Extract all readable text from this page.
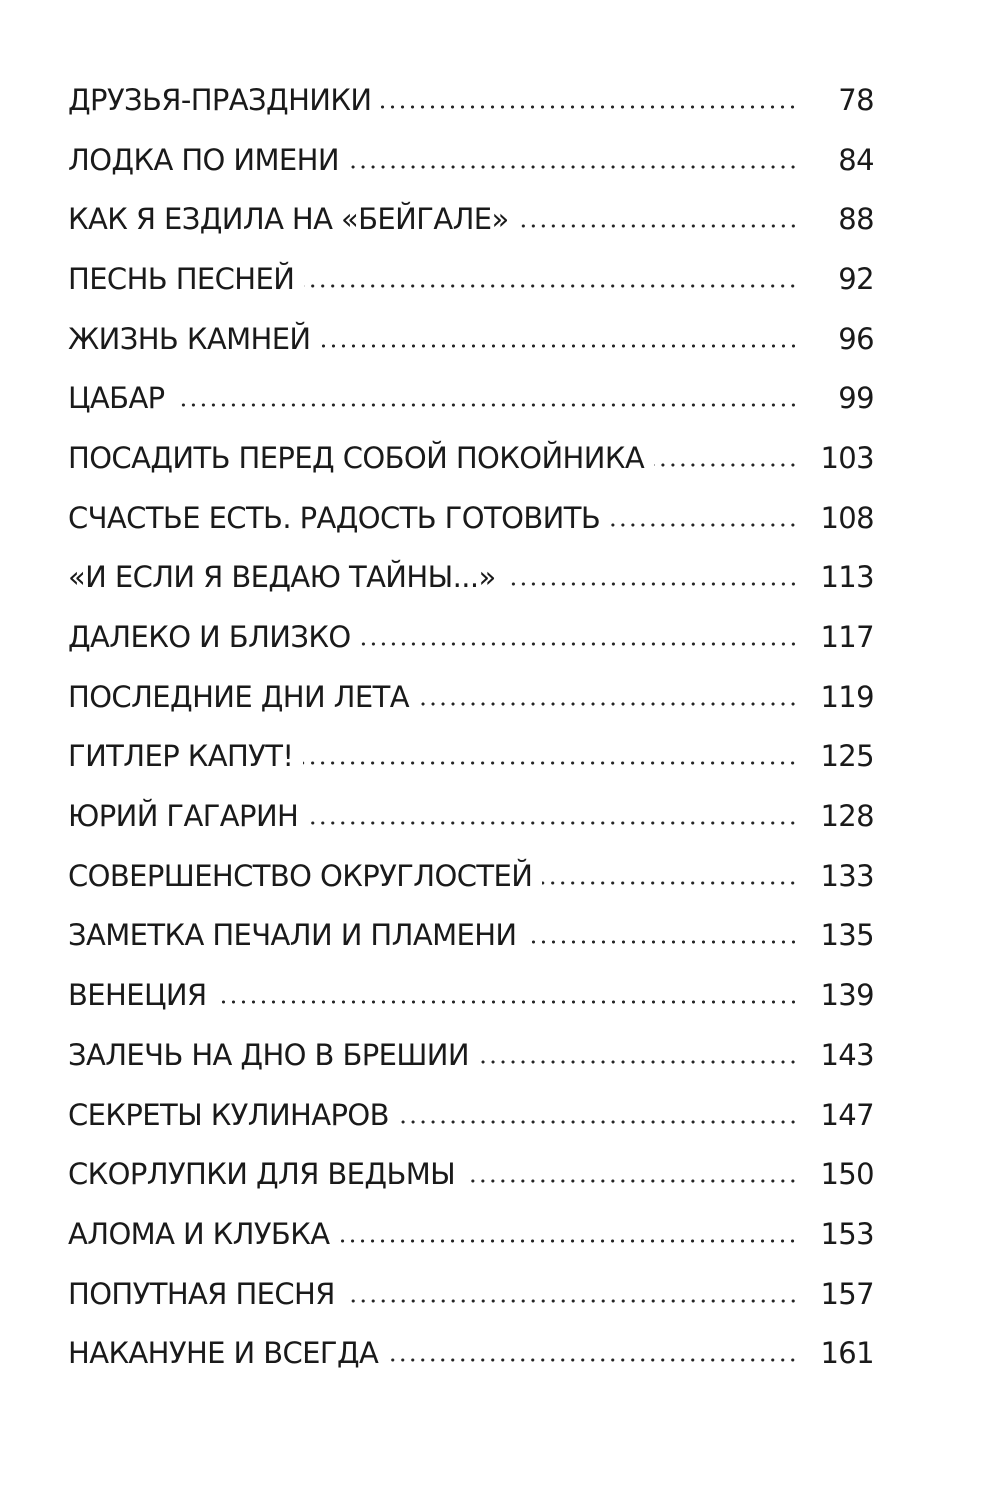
ДРУЗЬЯ-ПРАЗДНИКИ	78
ЛОДКА ПО ИМЕНИ	84
КАК Я ЕЗДИЛА НА «БЕЙГАЛЕ»	88
ПЕСНЬ ПЕСНЕЙ	92
ЖИЗНЬ КАМНЕЙ	96
ЦАБАР	99
ПОСАДИТЬ ПЕРЕД СОБОЙ ПОКОЙНИКА	103
СЧАСТЬЕ ЕСТЬ. РАДОСТЬ ГОТОВИТЬ	108
«И ЕСЛИ Я ВЕДАЮ ТАЙНЫ...»	113
ДАЛЕКО И БЛИЗКО	117
ПОСЛЕДНИЕ ДНИ ЛЕТА	119
ГИТЛЕР КАПУТ!	125
ЮРИЙ ГАГАРИН	128
СОВЕРШЕНСТВО ОКРУГЛОСТЕЙ	133
ЗАМЕТКА ПЕЧАЛИ И ПЛАМЕНИ	135
ВЕНЕЦИЯ	139
ЗАЛЕЧЬ НА ДНО В БРЕШИИ	143
СЕКРЕТЫ КУЛИНАРОВ	147
СКОРЛУПКИ ДЛЯ ВЕДЬМЫ	150
АЛОМА И КЛУБКА	153
ПОПУТНАЯ ПЕСНЯ	157
НАКАНУНЕ И ВСЕГДА	161
